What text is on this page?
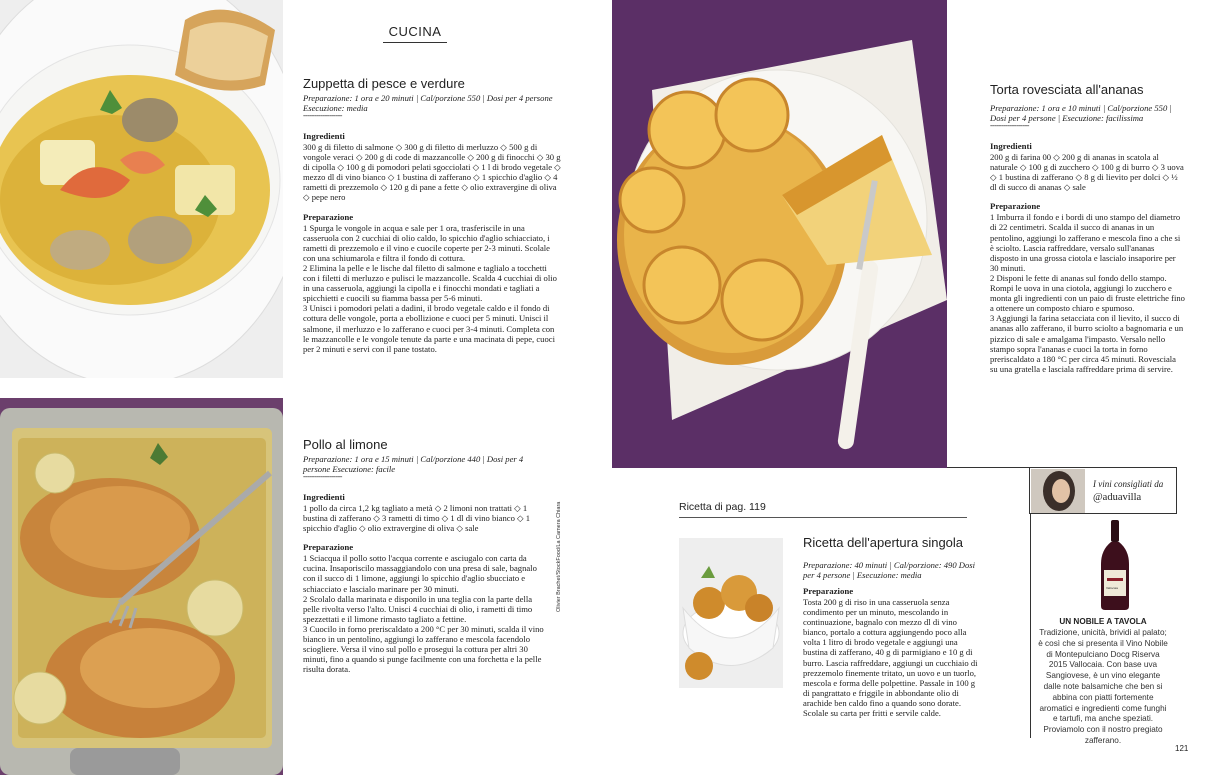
CUCINA
Zuppetta di pesce e verdure

Preparazione: 1 ora e 20 minuti | Cal/porzione 550 | Dosi per 4 persone Esecuzione: media

------------------

Ingredienti

300 g di filetto di salmone ◇ 300 g di filetto di merluzzo ◇ 500 g di vongole veraci ◇ 200 g di code di mazzancolle ◇ 200 g di finocchi ◇ 30 g di cipolla ◇ 100 g di pomodori pelati sgocciolati ◇ 1 l di brodo vegetale ◇ mezzo dl di vino bianco ◇ 1 bustina di zafferano ◇ 1 spicchio d'aglio ◇ 4 rametti di prezzemolo ◇ 120 g di pane a fette ◇ olio extravergine di oliva ◇ pepe nero

Preparazione

1 Spurga le vongole in acqua e sale per 1 ora, trasferiscile in una casseruola con 2 cucchiai di olio caldo, lo spicchio d'aglio schiacciato, i rametti di prezzemolo e il vino e cuocile coperte per 2-3 minuti. Scolale con una schiumarola e filtra il fondo di cottura.

2 Elimina la pelle e le lische dal filetto di salmone e taglialo a tocchetti con i filetti di merluzzo e pulisci le mazzancolle. Scalda 4 cucchiai di olio in una casseruola, aggiungi la cipolla e i finocchi mondati e tagliati a spicchietti e cuocili su fiamma bassa per 5-6 minuti.

3 Unisci i pomodori pelati a dadini, il brodo vegetale caldo e il fondo di cottura delle vongole, porta a ebollizione e cuoci per 5 minuti. Unisci il salmone, il merluzzo e lo zafferano e cuoci per 3-4 minuti. Completa con le mazzancolle e le vongole tenute da parte e una macinata di pepe, cuoci per 2 minuti e servi con il pane tostato.

Pollo al limone

Preparazione: 1 ora e 15 minuti | Cal/porzione 440 | Dosi per 4 persone Esecuzione: facile

------------------

Ingredienti

1 pollo da circa 1,2 kg tagliato a metà ◇ 2 limoni non trattati ◇ 1 bustina di zafferano ◇ 3 rametti di timo ◇ 1 dl di vino bianco ◇ 1 spicchio d'aglio ◇ olio extravergine di oliva ◇ sale

Preparazione

1 Sciacqua il pollo sotto l'acqua corrente e asciugalo con carta da cucina. Insaporiscilo massaggiandolo con una presa di sale, bagnalo con il succo di 1 limone, aggiungi lo spicchio d'aglio sbucciato e schiacciato e lascialo marinare per 30 minuti.

2 Scolalo dalla marinata e disponilo in una teglia con la parte della pelle rivolta verso l'alto. Unisci 4 cucchiai di olio, i rametti di timo spezzettati e il limone rimasto tagliato a fettine.

3 Cuocilo in forno preriscaldato a 200 °C per 30 minuti, scalda il vino bianco in un pentolino, aggiungi lo zafferano e mescola facendolo sciogliere. Versa il vino sul pollo e prosegui la cottura per altri 30 minuti, fino a quando si punge facilmente con una forchetta e la pelle risulta dorata.

Olivier Brachet/StockFood/La Camera Chiara
Torta rovesciata all'ananas

Preparazione: 1 ora e 10 minuti | Cal/porzione 550 | Dosi per 4 persone | Esecuzione: facilissima

------------------

Ingredienti

200 g di farina 00 ◇ 200 g di ananas in scatola al naturale ◇ 100 g di zucchero ◇ 100 g di burro ◇ 3 uova ◇ 1 bustina di zafferano ◇ 8 g di lievito per dolci ◇ ½ dl di succo di ananas ◇ sale

Preparazione

1 Imburra il fondo e i bordi di uno stampo del diametro di 22 centimetri. Scalda il succo di ananas in un pentolino, aggiungi lo zafferano e mescola fino a che si è sciolto. Lascia raffreddare, versalo sull'ananas disposto in una grossa ciotola e lascialo insaporire per 30 minuti.

2 Disponi le fette di ananas sul fondo dello stampo. Rompi le uova in una ciotola, aggiungi lo zucchero e monta gli ingredienti con un paio di fruste elettriche fino a ottenere un composto chiaro e spumoso.

3 Aggiungi la farina setacciata con il lievito, il succo di ananas allo zafferano, il burro sciolto a bagnomaria e un pizzico di sale e amalgama l'impasto. Versalo nello stampo sopra l'ananas e cuoci la torta in forno preriscaldato a 180 °C per circa 45 minuti. Rovesciala su una gratella e lasciala raffreddare prima di servire.

Ricetta di pag. 119
Ricetta dell'apertura singola

Preparazione: 40 minuti | Cal/porzione: 490 Dosi per 4 persone | Esecuzione: media

Preparazione

Tosta 200 g di riso in una casseruola senza condimento per un minuto, mescolando in continuazione, bagnalo con mezzo dl di vino bianco, portalo a cottura aggiungendo poco alla volta 1 litro di brodo vegetale e aggiungi una bustina di zafferano, 40 g di parmigiano e 10 g di burro. Lascia raffreddare, aggiungi un cucchiaio di prezzemolo finemente tritato, un uovo e un tuorlo, mescola e forma delle polpettine. Passale in 100 g di pangrattato e friggile in abbondante olio di arachide ben caldo fino a quando sono dorate. Scolale su carta per fritti e servile calde.

I vini consigliati da
@aduavilla
Vallocaia
UN NOBILE A TAVOLA
Tradizione, unicità, brividi al palato; è così che si presenta il Vino Nobile di Montepulciano Docg Riserva 2015 Vallocaia. Con base uva Sangiovese, è un vino elegante dalle note balsamiche che ben si abbina con piatti fortemente aromatici e ingredienti come funghi e tartufi, ma anche speziati. Proviamolo con il nostro pregiato zafferano.
121
